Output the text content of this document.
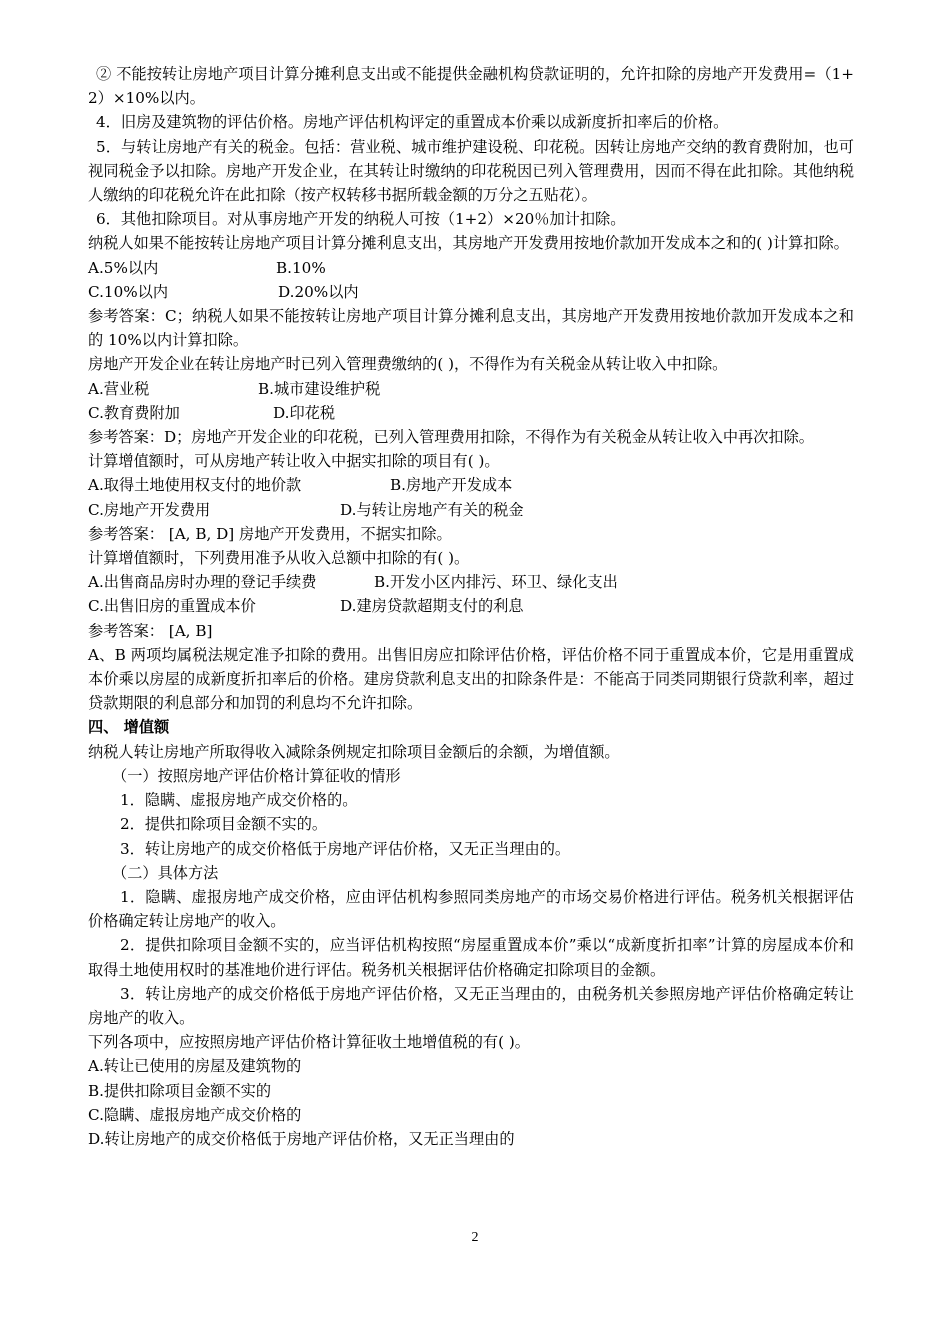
② 不能按转让房地产项目计算分摊利息支出或不能提供金融机构贷款证明的，允许扣除的房地产开发费用=（1+2）×10%以内。

4．旧房及建筑物的评估价格。房地产评估机构评定的重置成本价乘以成新度折扣率后的价格。

5．与转让房地产有关的税金。包括：营业税、城市维护建设税、印花税。因转让房地产交纳的教育费附加，也可视同税金予以扣除。房地产开发企业，在其转让时缴纳的印花税因已列入管理费用，因而不得在此扣除。其他纳税人缴纳的印花税允许在此扣除（按产权转移书据所载金额的万分之五贴花）。

6．其他扣除项目。对从事房地产开发的纳税人可按（1+2）×20％加计扣除。

纳税人如果不能按转让房地产项目计算分摊利息支出，其房地产开发费用按地价款加开发成本之和的( )计算扣除。

A.5%以内	B.10%
C.10%以内	D.20%以内

参考答案：C；纳税人如果不能按转让房地产项目计算分摊利息支出，其房地产开发费用按地价款加开发成本之和的 10%以内计算扣除。

房地产开发企业在转让房地产时已列入管理费缴纳的( )，不得作为有关税金从转让收入中扣除。

A.营业税	B.城市建设维护税
C.教育费附加	D.印花税

参考答案：D；房地产开发企业的印花税，已列入管理费用扣除，不得作为有关税金从转让收入中再次扣除。

计算增值额时，可从房地产转让收入中据实扣除的项目有( )。

A.取得土地使用权支付的地价款	B.房地产开发成本
C.房地产开发费用	D.与转让房地产有关的税金

参考答案： [A, B, D] 房地产开发费用，不据实扣除。

计算增值额时，下列费用准予从收入总额中扣除的有( )。

A.出售商品房时办理的登记手续费	B.开发小区内排污、环卫、绿化支出
C.出售旧房的重置成本价	D.建房贷款超期支付的利息

参考答案： [A, B]

A、B 两项均属税法规定准予扣除的费用。出售旧房应扣除评估价格，评估价格不同于重置成本价，它是用重置成本价乘以房屋的成新度折扣率后的价格。建房贷款利息支出的扣除条件是：不能高于同类同期银行贷款利率，超过贷款期限的利息部分和加罚的利息均不允许扣除。

四、 增值额

纳税人转让房地产所取得收入减除条例规定扣除项目金额后的余额，为增值额。

（一）按照房地产评估价格计算征收的情形

1．隐瞒、虚报房地产成交价格的。

2．提供扣除项目金额不实的。

3．转让房地产的成交价格低于房地产评估价格，又无正当理由的。

（二）具体方法

1．隐瞒、虚报房地产成交价格，应由评估机构参照同类房地产的市场交易价格进行评估。税务机关根据评估价格确定转让房地产的收入。

2．提供扣除项目金额不实的，应当评估机构按照“房屋重置成本价”乘以“成新度折扣率”计算的房屋成本价和取得土地使用权时的基准地价进行评估。税务机关根据评估价格确定扣除项目的金额。

3．转让房地产的成交价格低于房地产评估价格，又无正当理由的，由税务机关参照房地产评估价格确定转让房地产的收入。

下列各项中，应按照房地产评估价格计算征收土地增值税的有( )。

A.转让已使用的房屋及建筑物的

B.提供扣除项目金额不实的

C.隐瞒、虚报房地产成交价格的

D.转让房地产的成交价格低于房地产评估价格，又无正当理由的

2
